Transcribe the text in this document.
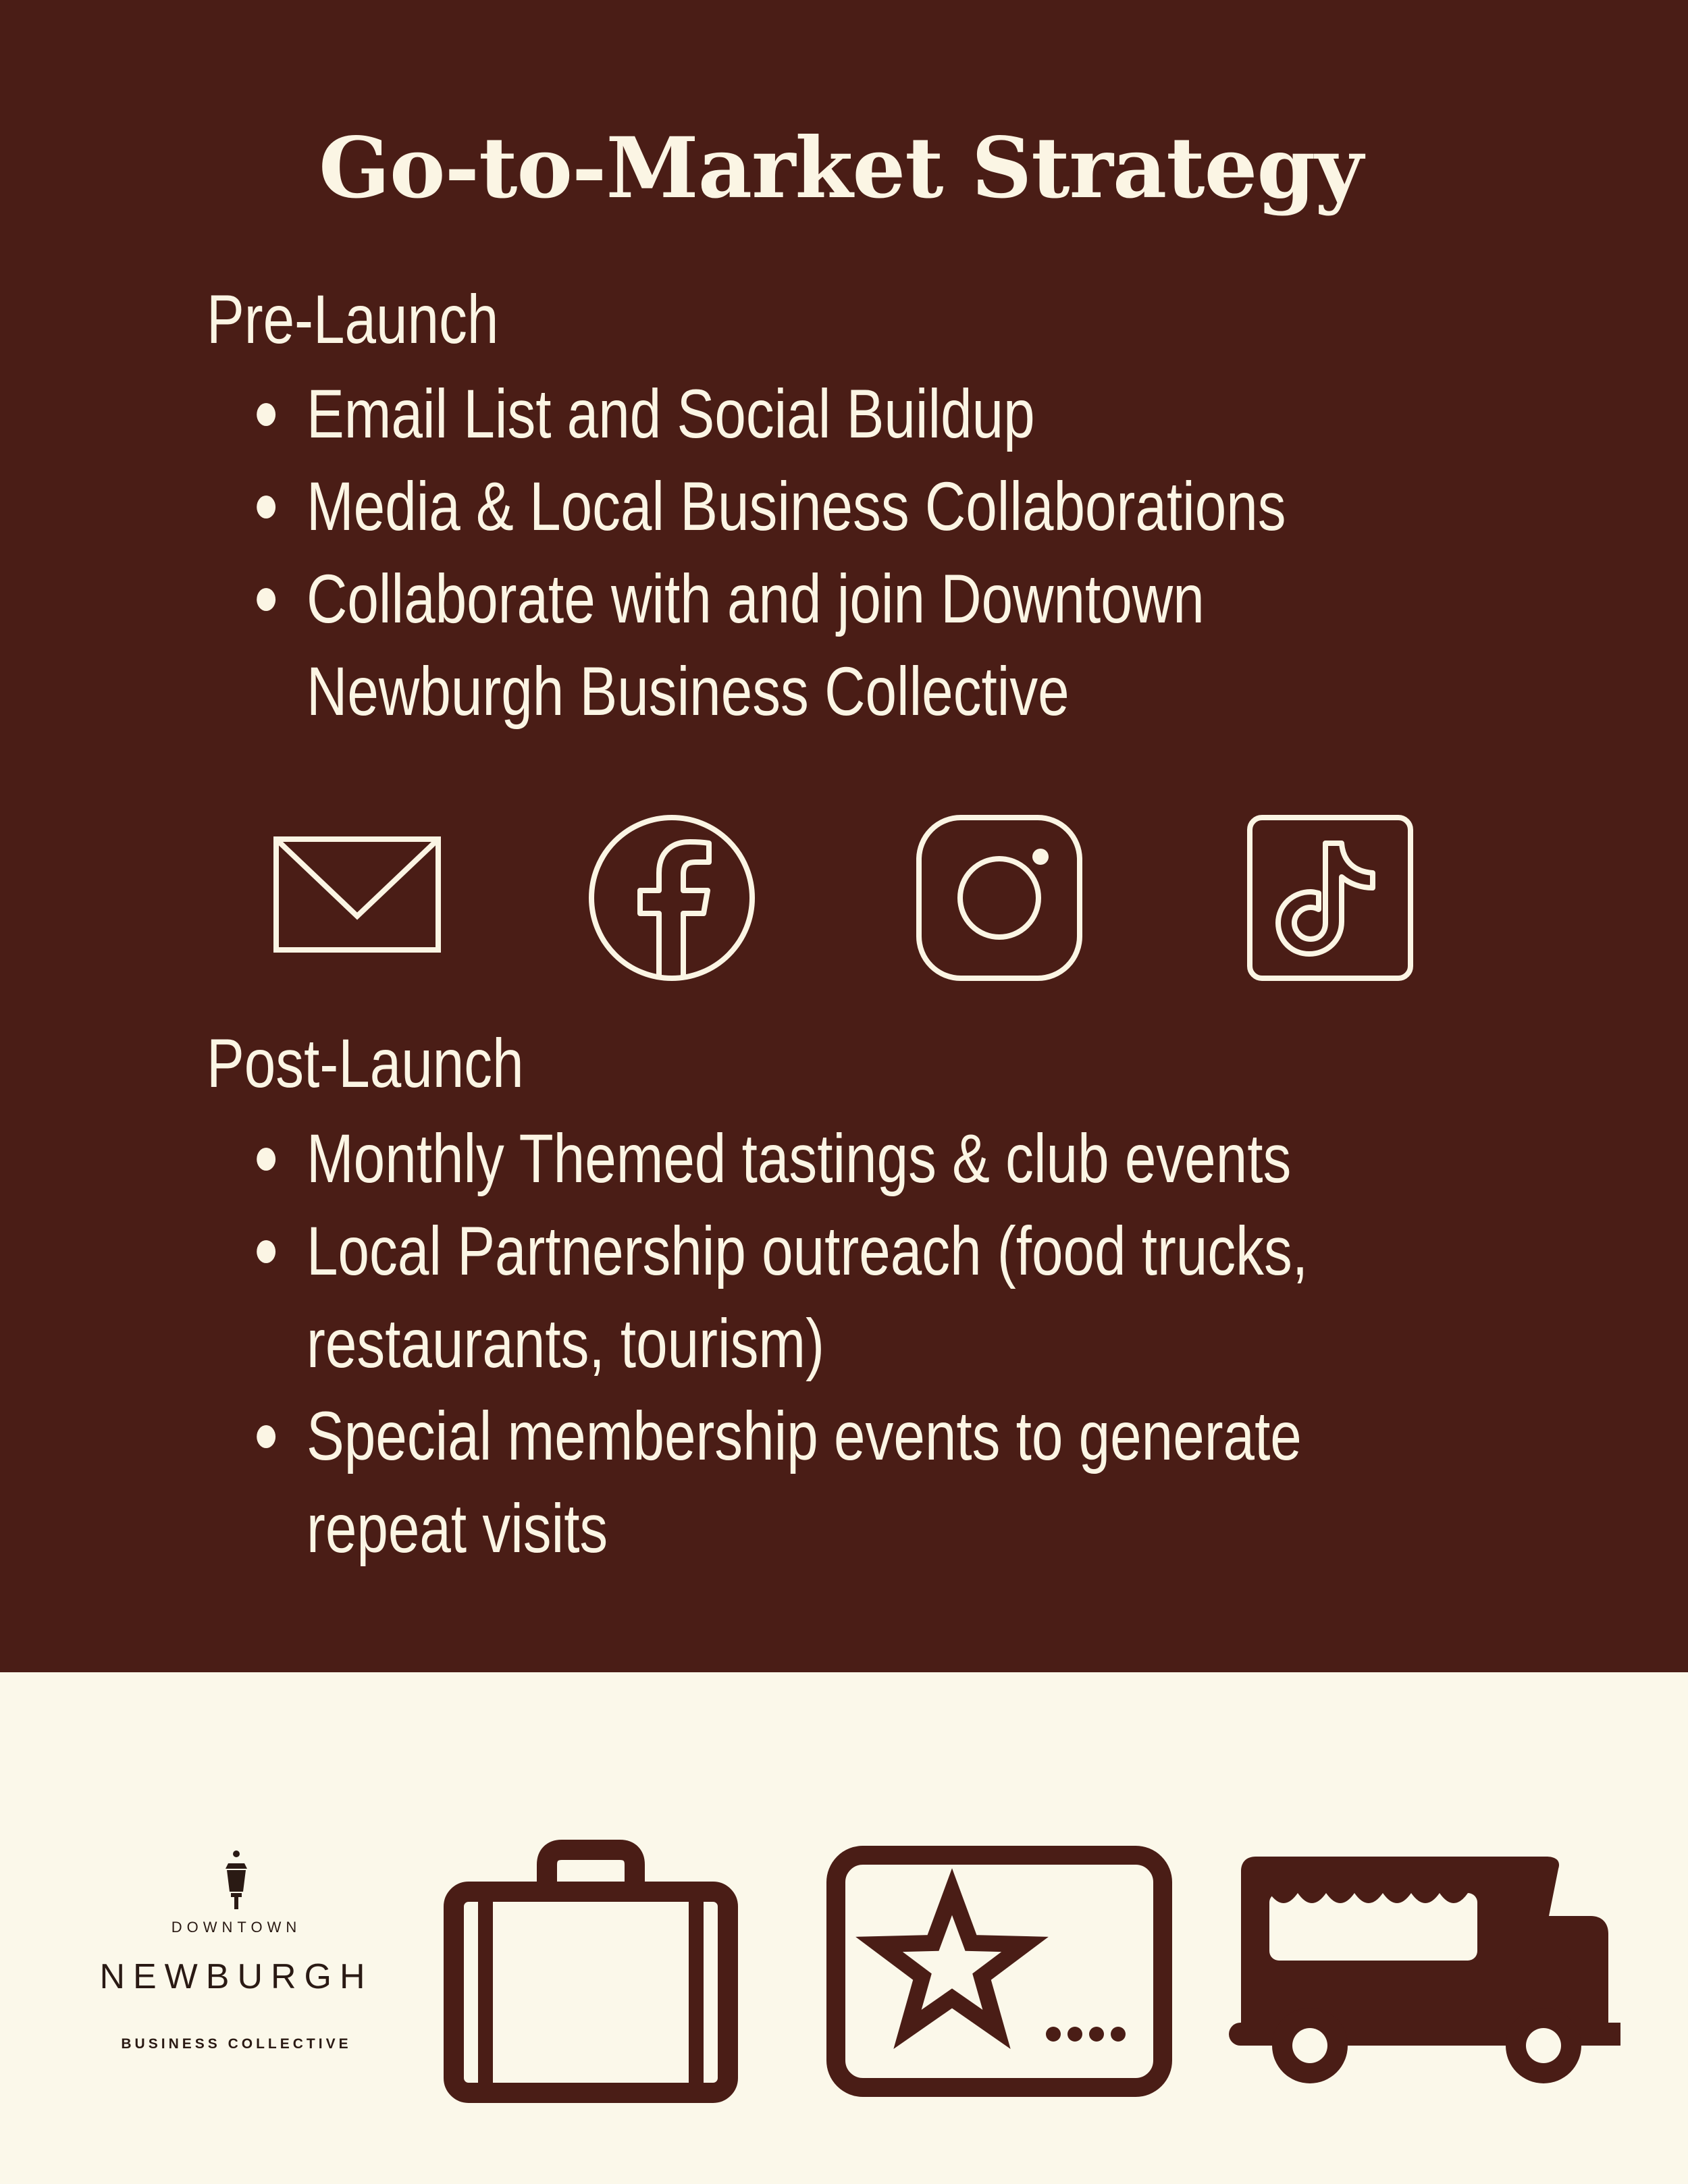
Go-to-Market Strategy
Pre-Launch
Email List and Social Buildup
Media & Local Business Collaborations
Collaborate with and join Downtown Newburgh Business Collective
Post-Launch
Monthly Themed tastings & club events
Local Partnership outreach (food trucks, restaurants, tourism)
Special membership events to generate repeat visits
DOWNTOWN
NEWBURGH
BUSINESS COLLECTIVE
